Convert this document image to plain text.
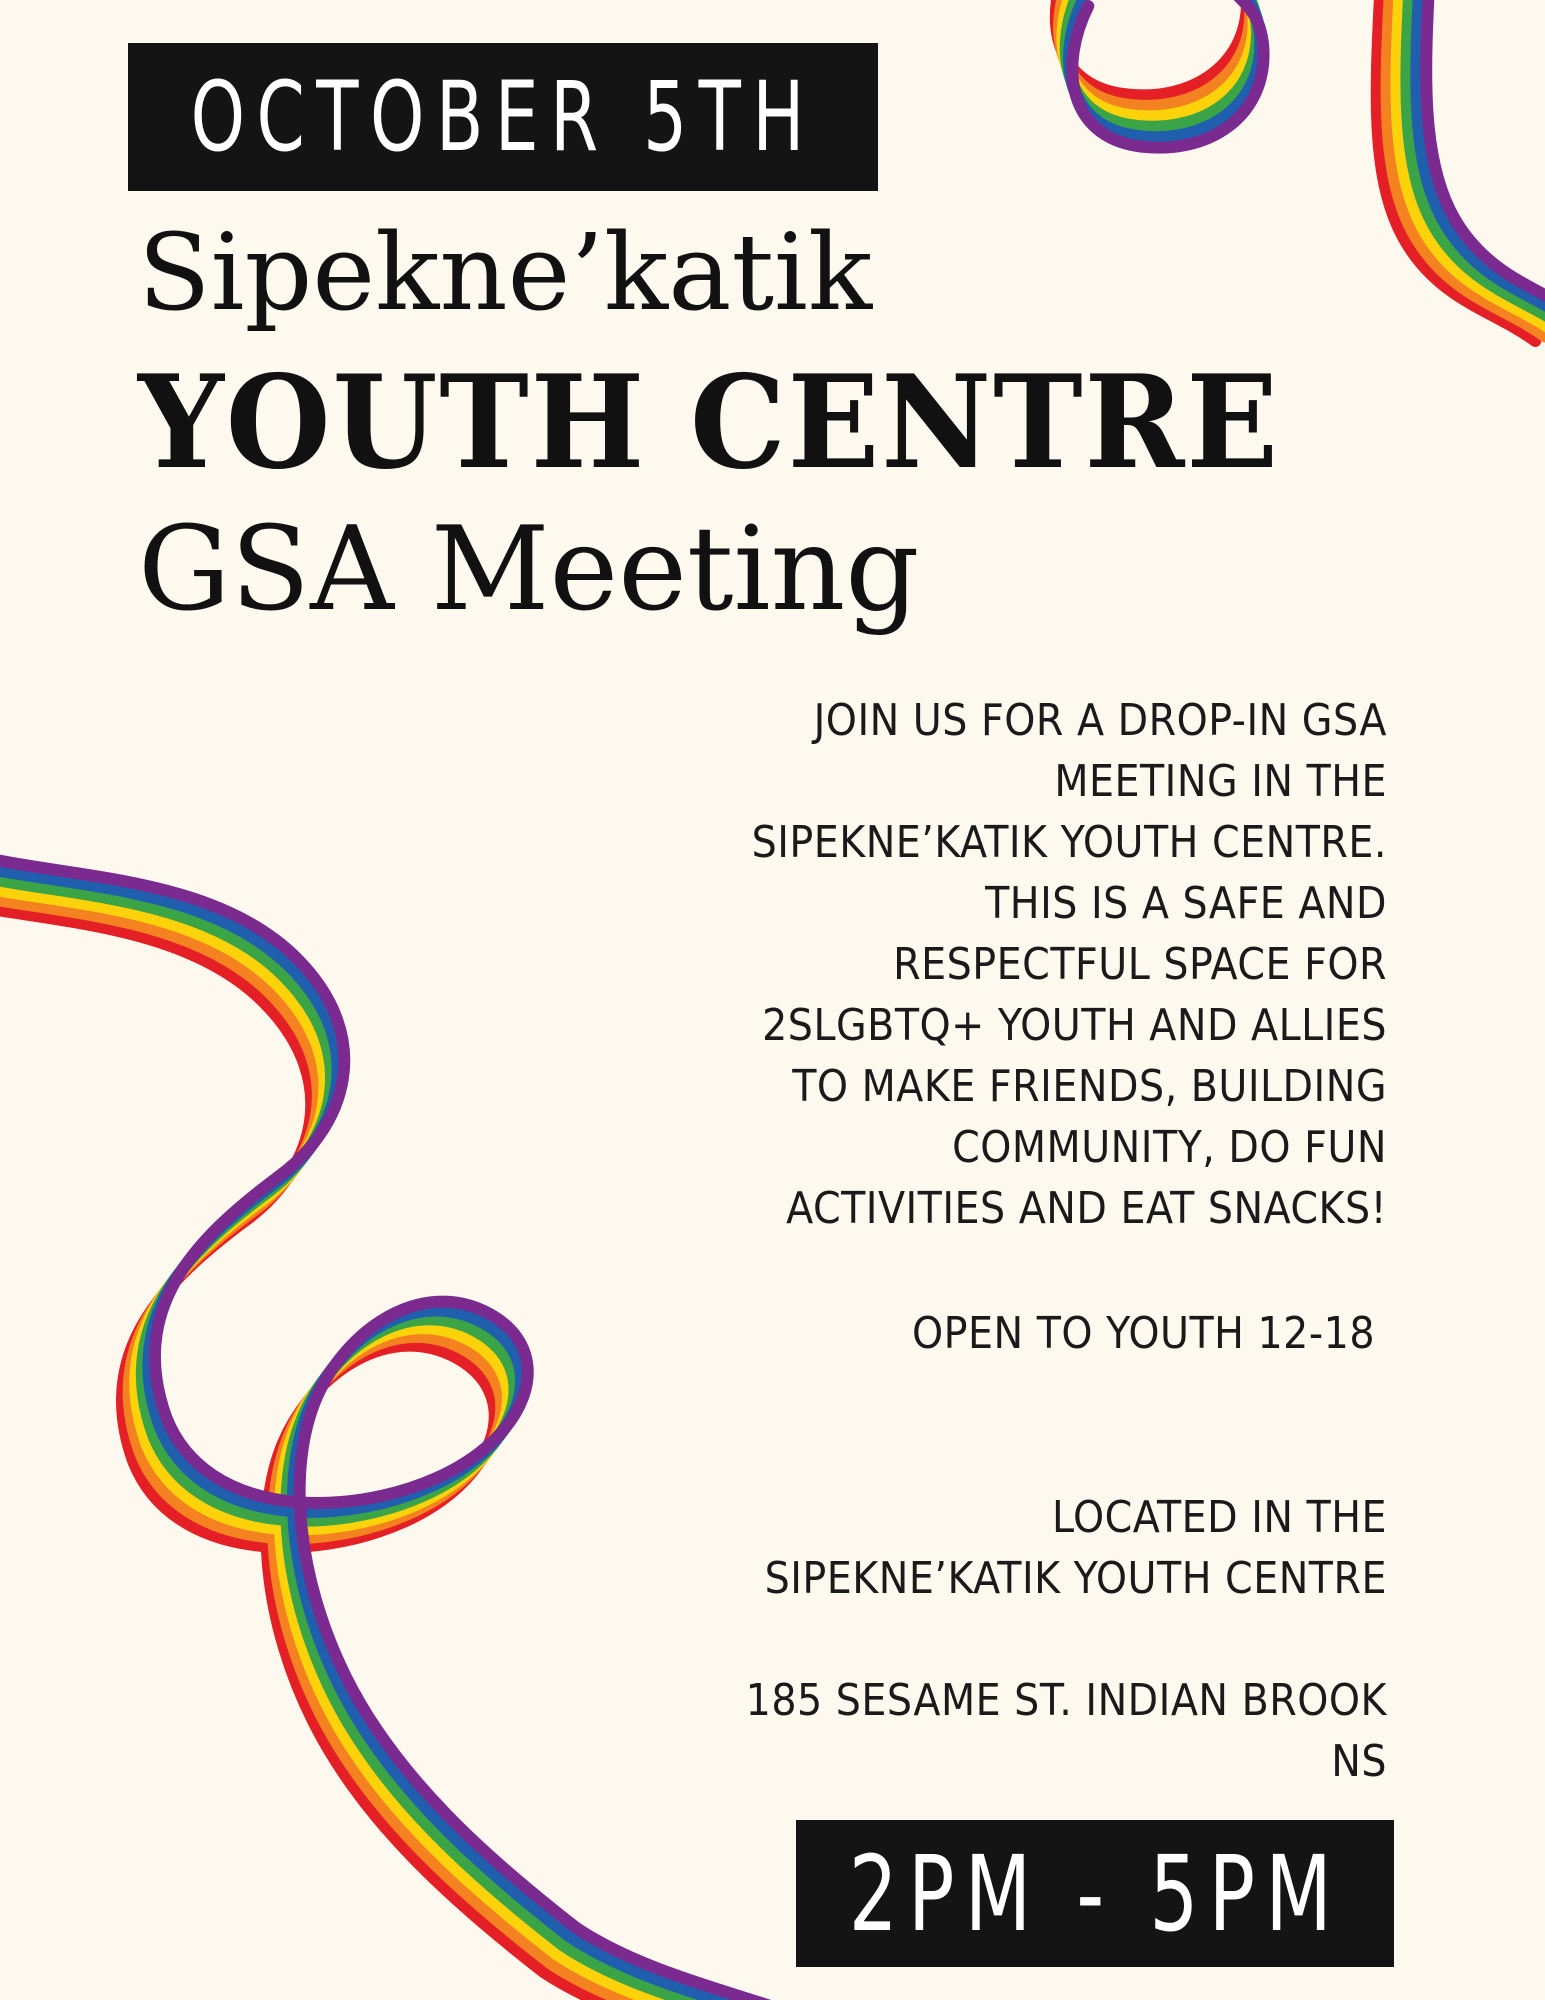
OCTOBER 5TH
Sipekne’katik
YOUTH CENTRE
GSA Meeting
JOIN US FOR A DROP-IN GSA
MEETING IN THE
SIPEKNE’KATIK YOUTH CENTRE.
THIS IS A SAFE AND
RESPECTFUL SPACE FOR
2SLGBTQ+ YOUTH AND ALLIES
TO MAKE FRIENDS, BUILDING
COMMUNITY, DO FUN
ACTIVITIES AND EAT SNACKS!
OPEN TO YOUTH 12-18
LOCATED IN THE
SIPEKNE’KATIK YOUTH CENTRE
185 SESAME ST. INDIAN BROOK
NS
2PM - 5PM
